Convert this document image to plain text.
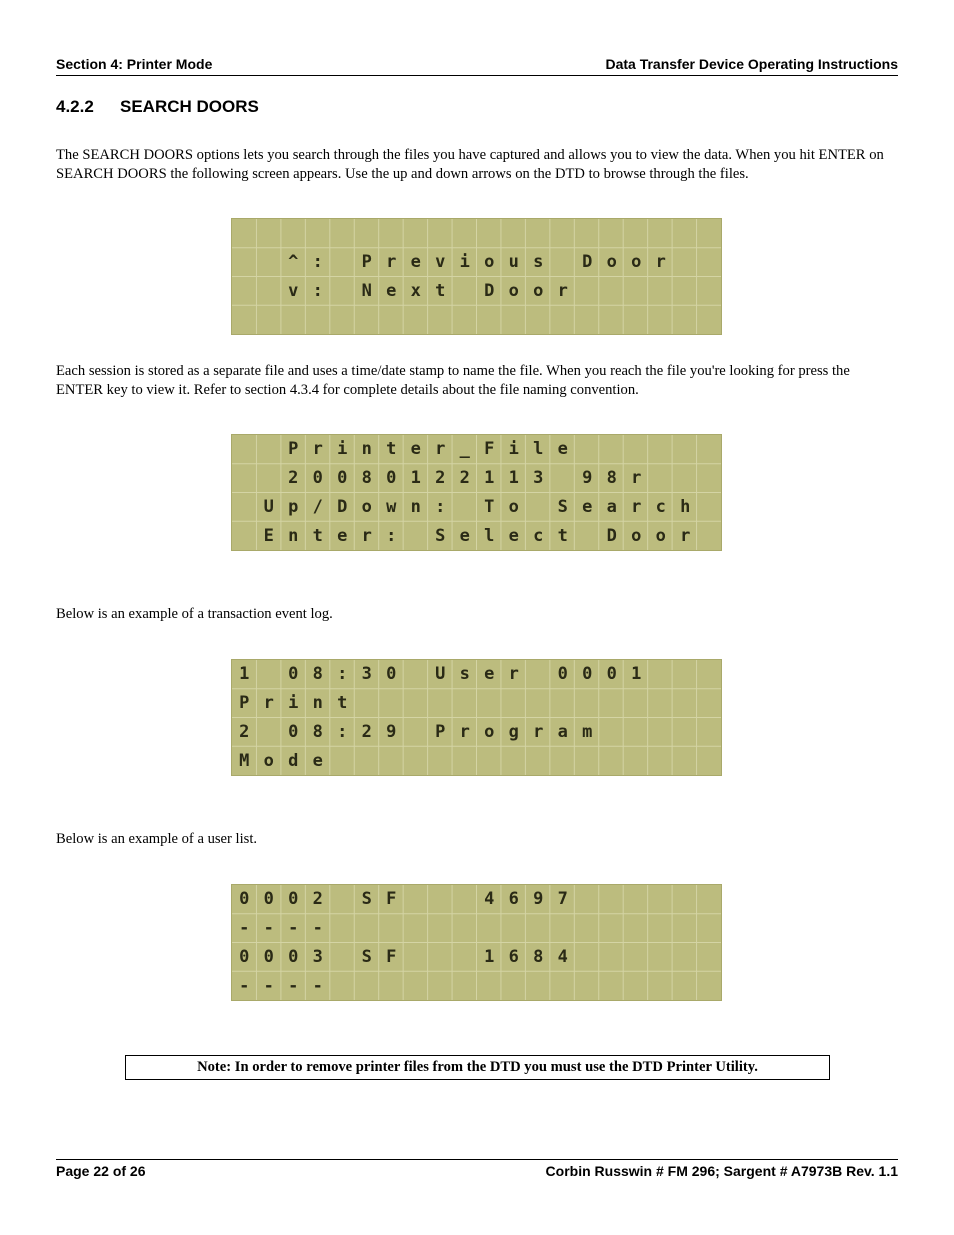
Section 4: Printer Mode	Data Transfer Device Operating Instructions
4.2.2 SEARCH DOORS
The SEARCH DOORS options lets you search through the files you have captured and allows you to view the data. When you hit ENTER on SEARCH DOORS the following screen appears. Use the up and down arrows on the DTD to browse through the files.
^ :	P r e v i o u s	D o o r
v :	N e x t	D o o r
Each session is stored as a separate file and uses a time/date stamp to name the file. When you reach the file you're looking for press the ENTER key to view it. Refer to section 4.3.4 for complete details about the file naming convention.
P r i n t e r _ F i l e
2 0 0 8 0 1 2 2 1 1 3	9 8 r
U p / D o w n :	T o	S e a r c h
E n t e r :	S e l e c t	D o o r
Below is an example of a transaction event log.
1	0 8 : 3 0	U s e r	0 0 0 1
P r i n t
2	0 8 : 2 9	P r o g r a m
M o d e
Below is an example of a user list.
0 0 0 2	S F	4 6 9 7
- - - -
0 0 0 3	S F	1 6 8 4
- - - -
Note: In order to remove printer files from the DTD you must use the DTD Printer Utility.
Page 22 of 26	Corbin Russwin # FM 296; Sargent # A7973B Rev. 1.1
